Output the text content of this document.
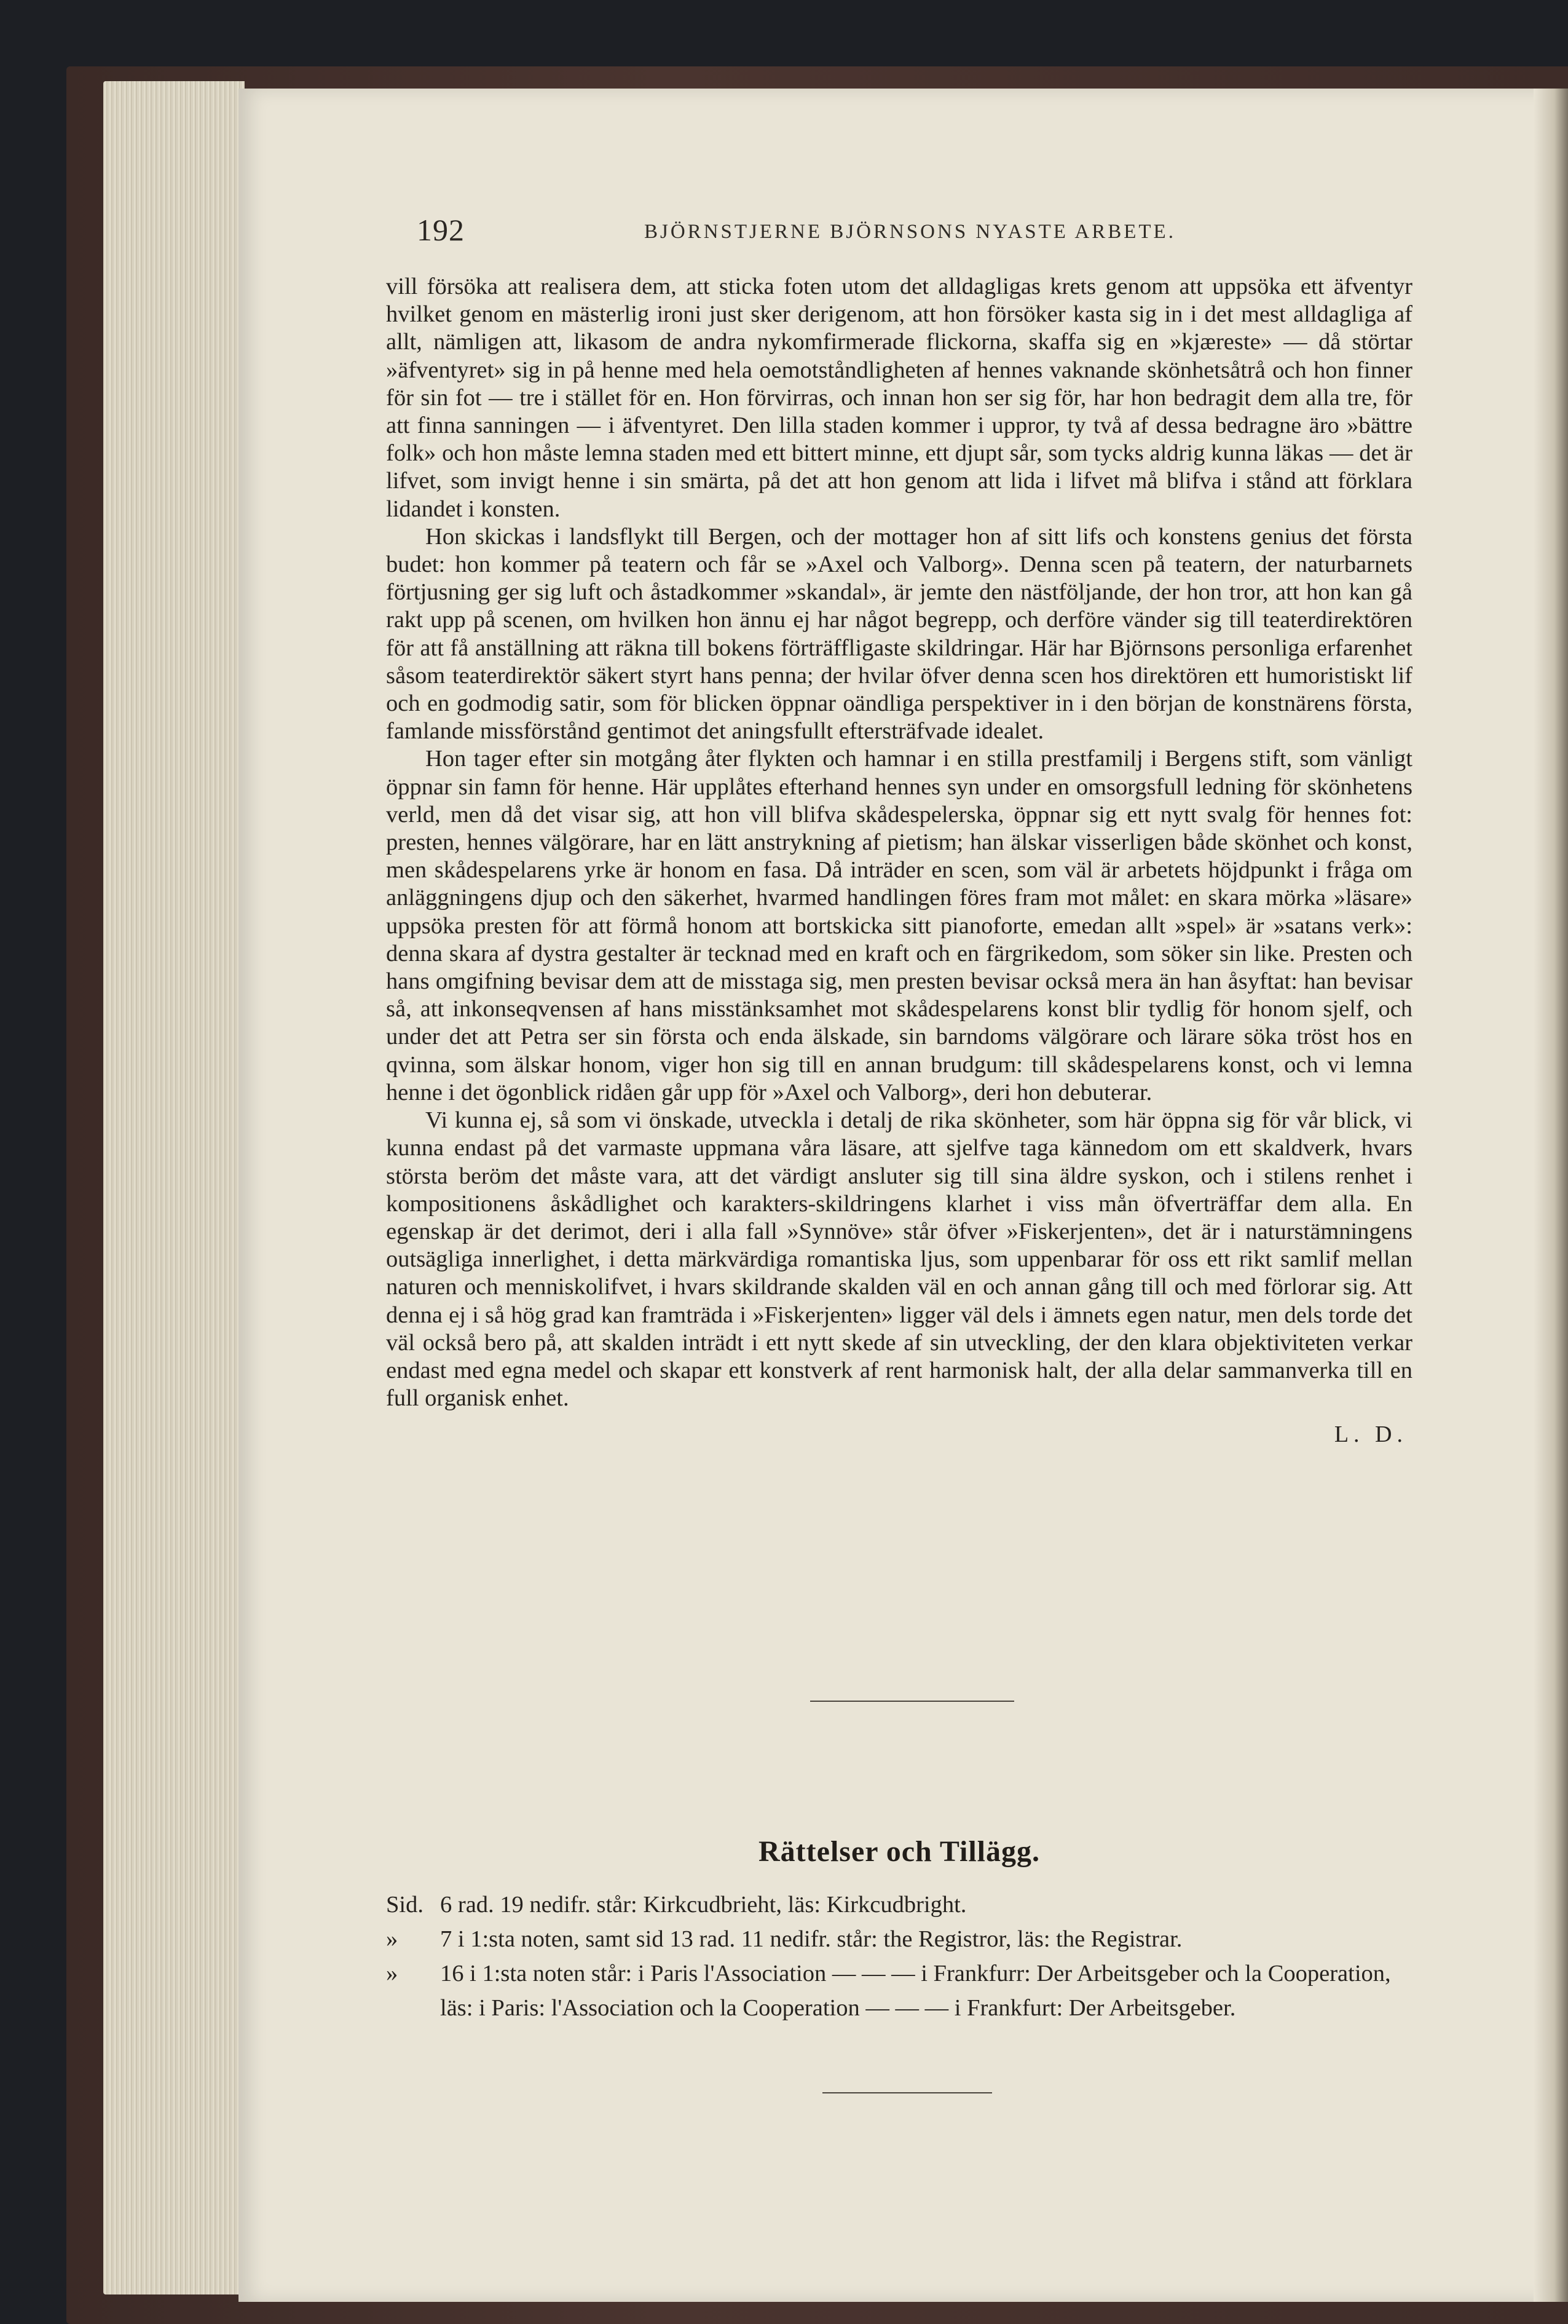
192	BJÖRNSTJERNE BJÖRNSONS NYASTE ARBETE.

vill försöka att realisera dem, att sticka foten utom det alldagligas krets genom att uppsöka ett äfventyr hvilket genom en mästerlig ironi just sker derigenom, att hon försöker kasta sig in i det mest alldagliga af allt, nämligen att, likasom de andra nykomfirmerade flickorna, skaffa sig en »kjæreste» — då störtar »äfventyret» sig in på henne med hela oemotståndligheten af hennes vaknande skönhetsåtrå och hon finner för sin fot — tre i stället för en. Hon förvirras, och innan hon ser sig för, har hon bedragit dem alla tre, för att finna sanningen — i äfventyret. Den lilla staden kommer i uppror, ty två af dessa bedragne äro »bättre folk» och hon måste lemna staden med ett bittert minne, ett djupt sår, som tycks aldrig kunna läkas — det är lifvet, som invigt henne i sin smärta, på det att hon genom att lida i lifvet må blifva i stånd att förklara lidandet i konsten.

Hon skickas i landsflykt till Bergen, och der mottager hon af sitt lifs och konstens genius det första budet: hon kommer på teatern och får se »Axel och Valborg». Denna scen på teatern, der naturbarnets förtjusning ger sig luft och åstadkommer »skandal», är jemte den nästföljande, der hon tror, att hon kan gå rakt upp på scenen, om hvilken hon ännu ej har något begrepp, och derföre vänder sig till teaterdirektören för att få anställning att räkna till bokens förträffligaste skildringar. Här har Björnsons personliga erfarenhet såsom teaterdirektör säkert styrt hans penna; der hvilar öfver denna scen hos direktören ett humoristiskt lif och en godmodig satir, som för blicken öppnar oändliga perspektiver in i den början de konstnärens första, famlande missförstånd gentimot det aningsfullt eftersträfvade idealet.

Hon tager efter sin motgång åter flykten och hamnar i en stilla prestfamilj i Bergens stift, som vänligt öppnar sin famn för henne. Här upplåtes efterhand hennes syn under en omsorgsfull ledning för skönhetens verld, men då det visar sig, att hon vill blifva skådespelerska, öppnar sig ett nytt svalg för hennes fot: presten, hennes välgörare, har en lätt anstrykning af pietism; han älskar visserligen både skönhet och konst, men skådespelarens yrke är honom en fasa. Då inträder en scen, som väl är arbetets höjdpunkt i fråga om anläggningens djup och den säkerhet, hvarmed handlingen föres fram mot målet: en skara mörka »läsare» uppsöka presten för att förmå honom att bortskicka sitt pianoforte, emedan allt »spel» är »satans verk»: denna skara af dystra gestalter är tecknad med en kraft och en färgrikedom, som söker sin like. Presten och hans omgifning bevisar dem att de misstaga sig, men presten bevisar också mera än han åsyftat: han bevisar så, att inkonseqvensen af hans misstänksamhet mot skådespelarens konst blir tydlig för honom sjelf, och under det att Petra ser sin första och enda älskade, sin barndoms välgörare och lärare söka tröst hos en qvinna, som älskar honom, viger hon sig till en annan brudgum: till skådespelarens konst, och vi lemna henne i det ögonblick ridåen går upp för »Axel och Valborg», deri hon debuterar.

Vi kunna ej, så som vi önskade, utveckla i detalj de rika skönheter, som här öppna sig för vår blick, vi kunna endast på det varmaste uppmana våra läsare, att sjelfve taga kännedom om ett skaldverk, hvars största beröm det måste vara, att det värdigt ansluter sig till sina äldre syskon, och i stilens renhet i kompositionens åskådlighet och karakters-skildringens klarhet i viss mån öfverträffar dem alla. En egenskap är det derimot, deri i alla fall »Synnöve» står öfver »Fiskerjenten», det är i naturstämningens outsägliga innerlighet, i detta märkvärdiga romantiska ljus, som uppenbarar för oss ett rikt samlif mellan naturen och menniskolifvet, i hvars skildrande skalden väl en och annan gång till och med förlorar sig. Att denna ej i så hög grad kan framträda i »Fiskerjenten» ligger väl dels i ämnets egen natur, men dels torde det väl också bero på, att skalden inträdt i ett nytt skede af sin utveckling, der den klara objektiviteten verkar endast med egna medel och skapar ett konstverk af rent harmonisk halt, der alla delar sammanverka till en full organisk enhet.

L. D.
Rättelser och Tillägg.
Sid. 6 rad. 19 nedifr. står: Kirkcudbrieht, läs: Kirkcudbright.
»	7 i 1:sta noten, samt sid 13 rad. 11 nedifr. står: the Registror, läs: the Registrar.
»	16 i 1:sta noten står: i Paris l'Association — — — i Frankfurr: Der Arbeitsgeber och la Cooperation, läs: i Paris: l'Association och la Cooperation — — — i Frankfurt: Der Arbeitsgeber.
